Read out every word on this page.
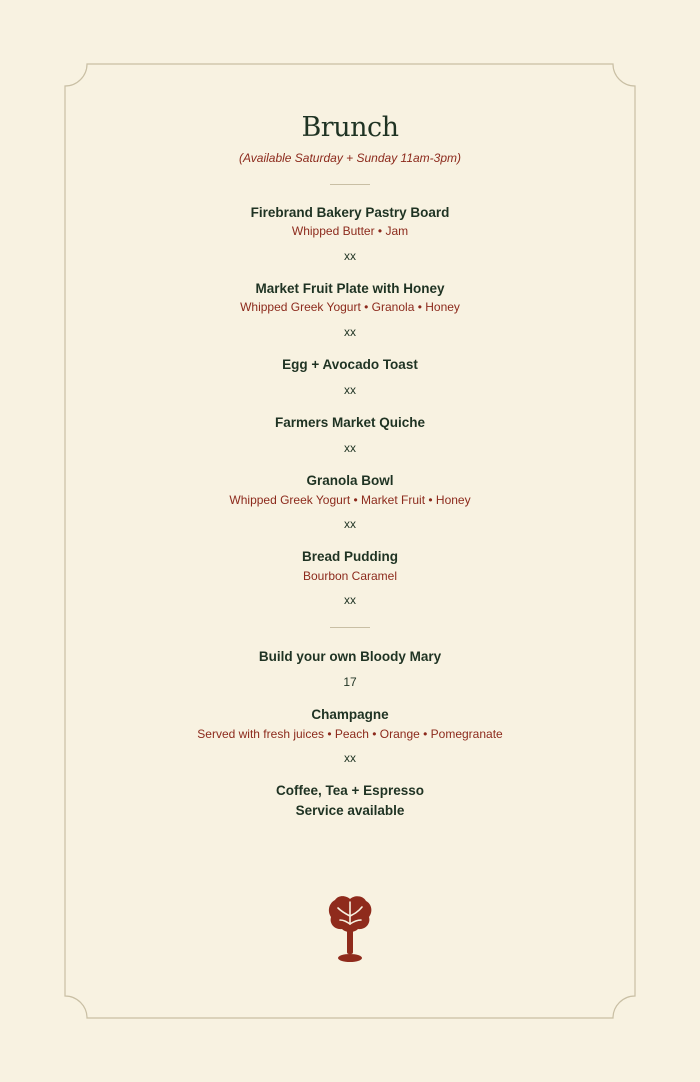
Brunch
(Available Saturday + Sunday 11am-3pm)
Firebrand Bakery Pastry Board
Whipped Butter • Jam
xx
Market Fruit Plate with Honey
Whipped Greek Yogurt • Granola • Honey
xx
Egg + Avocado Toast
xx
Farmers Market Quiche
xx
Granola Bowl
Whipped Greek Yogurt • Market Fruit • Honey
xx
Bread Pudding
Bourbon Caramel
xx
Build your own Bloody Mary
17
Champagne
Served with fresh juices • Peach • Orange • Pomegranate
xx
Coffee, Tea + Espresso
Service available
